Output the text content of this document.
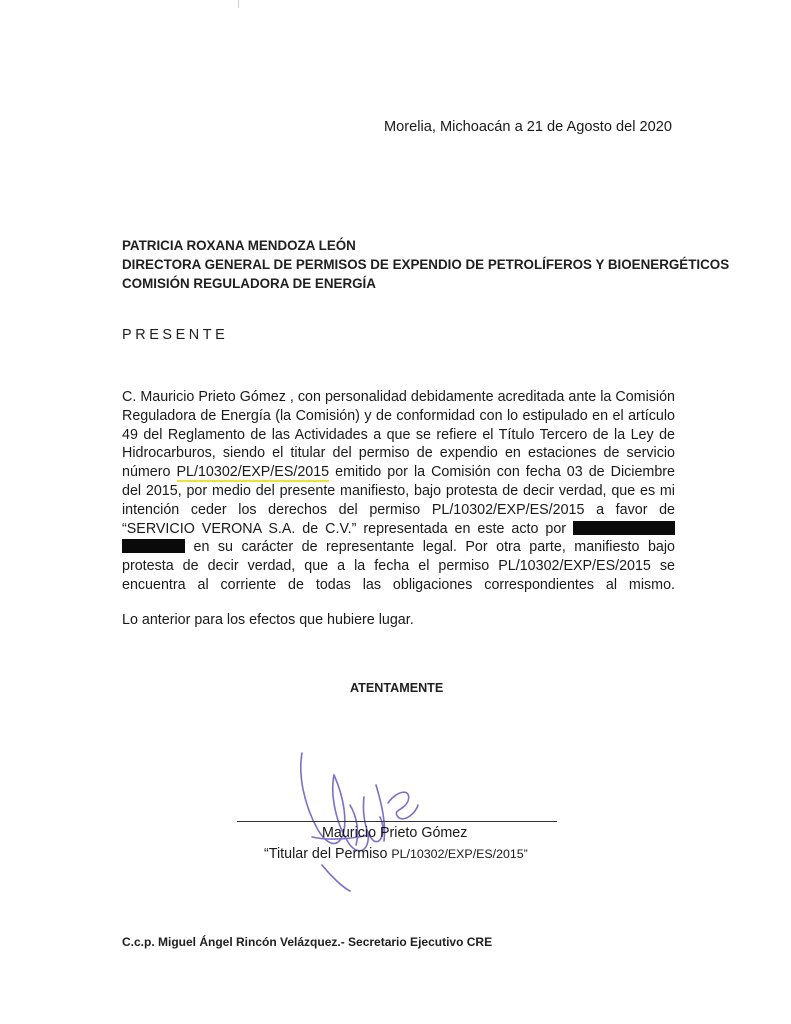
Morelia, Michoacán a 21 de Agosto del 2020
PATRICIA ROXANA MENDOZA LEÓN
DIRECTORA GENERAL DE PERMISOS DE EXPENDIO DE PETROLÍFEROS Y BIOENERGÉTICOS
COMISIÓN REGULADORA DE ENERGÍA
PRESENTE
C. Mauricio Prieto Gómez , con personalidad debidamente acreditada ante la Comisión Reguladora de Energía (la Comisión) y de conformidad con lo estipulado en el artículo 49 del Reglamento de las Actividades a que se refiere el Título Tercero de la Ley de Hidrocarburos, siendo el titular del permiso de expendio en estaciones de servicio número PL/10302/EXP/ES/2015 emitido por la Comisión con fecha 03 de Diciembre del 2015, por medio del presente manifiesto, bajo protesta de decir verdad, que es mi intención ceder los derechos del permiso PL/10302/EXP/ES/2015 a favor de “SERVICIO VERONA S.A. de C.V.” representada en este acto por   en su carácter de representante legal. Por otra parte, manifiesto bajo protesta de decir verdad, que a la fecha el permiso PL/10302/EXP/ES/2015 se encuentra al corriente de todas las obligaciones correspondientes al mismo.
Lo anterior para los efectos que hubiere lugar.
ATENTAMENTE
Mauricio Prieto Gómez
“Titular del Permiso PL/10302/EXP/ES/2015”
C.c.p. Miguel Ángel Rincón Velázquez.- Secretario Ejecutivo CRE
